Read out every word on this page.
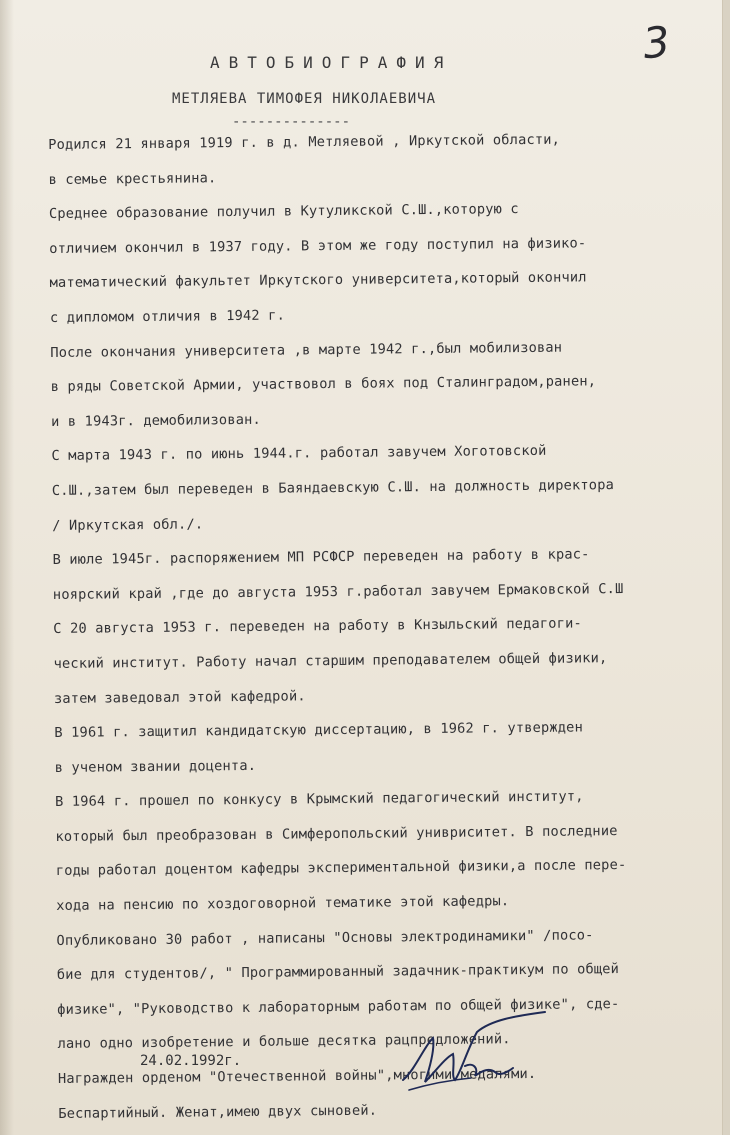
3
АВТОБИОГРАФИЯ
МЕТЛЯЕВА ТИМОФЕЯ НИКОЛАЕВИЧА
--------------
Родился 21 января 1919 г. в д. Метляевой , Иркутской области,
в семье крестьянина.
Среднее образование получил в Кутуликской С.Ш.,которую с
отличием окончил в 1937 году. В этом же году поступил на физико-
математический факультет Иркутского университета,который окончил
с дипломом отличия в 1942 г.
После окончания университета ,в марте 1942 г.,был мобилизован
в ряды Советской Армии, участвовол в боях под Сталинградом,ранен,
и в 1943г. демобилизован.
С марта 1943 г. по июнь 1944.г. работал завучем Хоготовской
С.Ш.,затем был переведен в Баяндаевскую С.Ш. на должность директора
/ Иркутская обл./.
В июле 1945г. распоряжением МП РСФСР переведен на работу в крас-
ноярский край ,где до августа 1953 г.работал завучем Ермаковской С.Ш
С 20 августа 1953 г. переведен на работу в Кнзыльский педагоги-
ческий институт. Работу начал старшим преподавателем общей физики,
затем заведовал этой кафедрой.
В 1961 г. защитил кандидатскую диссертацию, в 1962 г. утвержден
в ученом звании доцента.
В 1964 г. прошел по конкусу в Крымский педагогический институт,
который был преобразован в Симферопольский унивриситет. В последние
годы работал доцентом кафедры экспериментальной физики,а после пере-
хода на пенсию по хоздоговорной тематике этой кафедры.
Опубликовано 30 работ , написаны "Основы электродинамики" /посо-
бие для студентов/, " Программированный задачник-практикум по общей
физике", "Руководство к лабораторным работам по общей физике", сде-
лано одно изобретение и больше десятка рацпредложений.
Награжден орденом "Отечественной войны",многими медалями.
Беспартийный. Женат,имею двух сыновей.
24.02.1992г.
